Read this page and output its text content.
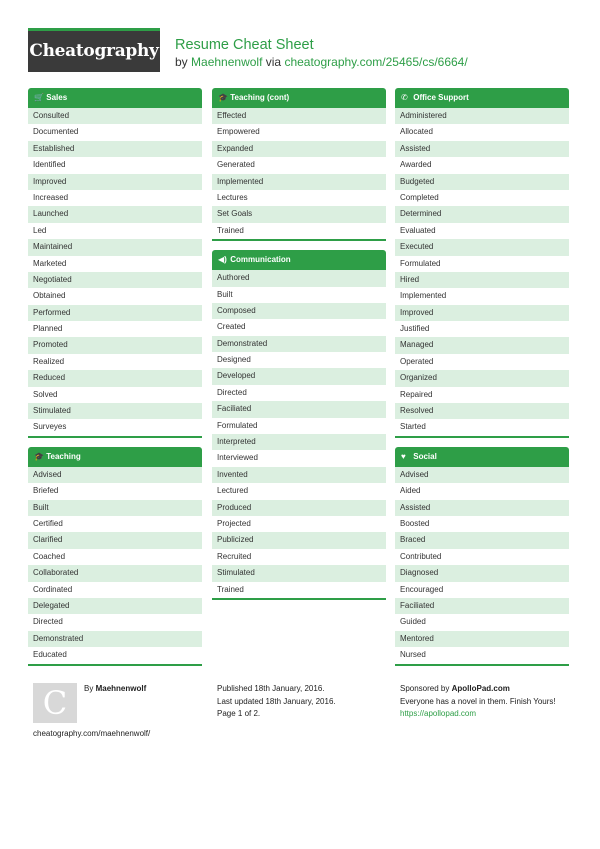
Cheatography Resume Cheat Sheet
by Maehnenwolf via cheatography.com/25465/cs/6664/
🛒 Sales
Consulted
Documented
Established
Identified
Improved
Increased
Launched
Led
Maintained
Marketed
Negotiated
Obtained
Performed
Planned
Promoted
Realized
Reduced
Solved
Stimulated
Surveyes
🎓 Teaching
Advised
Briefed
Built
Certified
Clarified
Coached
Collaborated
Cordinated
Delegated
Directed
Demonstrated
Educated
🎓 Teaching (cont)
Effected
Empowered
Expanded
Generated
Implemented
Lectures
Set Goals
Trained
◀) Communication
Authored
Built
Composed
Created
Demonstrated
Designed
Developed
Directed
Faciliated
Formulated
Interpreted
Interviewed
Invented
Lectured
Produced
Projected
Publicized
Recruited
Stimulated
Trained
✆ Office Support
Administered
Allocated
Assisted
Awarded
Budgeted
Completed
Determined
Evaluated
Executed
Formulated
Hired
Implemented
Improved
Justified
Managed
Operated
Organized
Repaired
Resolved
Started
♥ Social
Advised
Aided
Assisted
Boosted
Braced
Contributed
Diagnosed
Encouraged
Faciliated
Guided
Mentored
Nursed
C	By Maehnenwolf
cheatography.com/maehnenwolf/
Published 18th January, 2016.
Last updated 18th January, 2016.
Page 1 of 2.
Sponsored by ApolloPad.com
Everyone has a novel in them. Finish Yours!
https://apollopad.com
